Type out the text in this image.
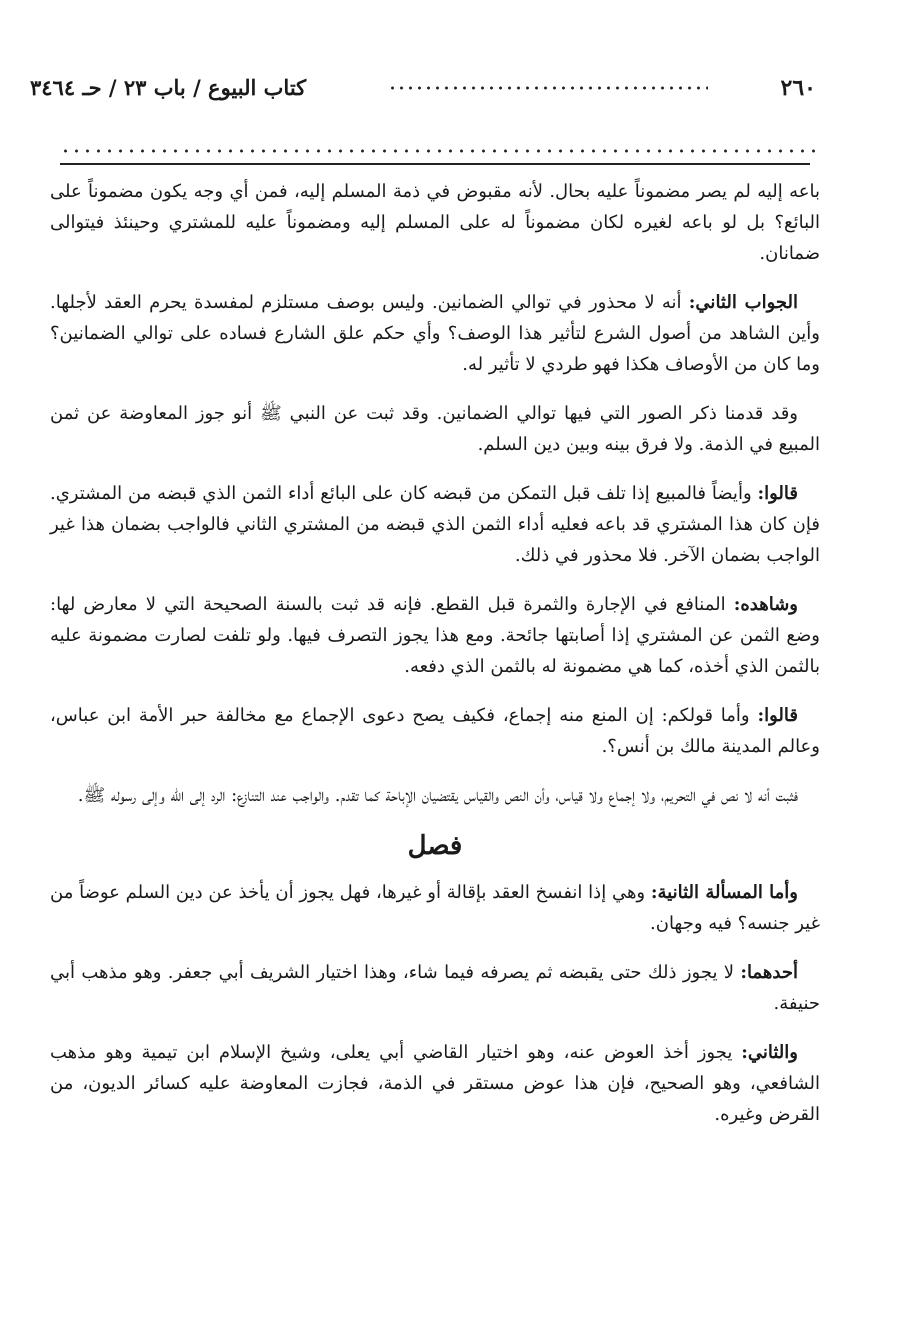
٢٦٠
كتاب البيوع / باب ٢٣ / حـ ٣٤٦٤

باعه إليه لم يصر مضموناً عليه بحال. لأنه مقبوض في ذمة المسلم إليه، فمن أي وجه يكون مضموناً على البائع؟ بل لو باعه لغيره لكان مضموناً له على المسلم إليه ومضموناً عليه للمشتري وحينئذ فيتوالى ضمانان.

الجواب الثاني: أنه لا محذور في توالي الضمانين. وليس بوصف مستلزم لمفسدة يحرم العقد لأجلها. وأين الشاهد من أصول الشرع لتأثير هذا الوصف؟ وأي حكم علق الشارع فساده على توالي الضمانين؟ وما كان من الأوصاف هكذا فهو طردي لا تأثير له.

وقد قدمنا ذكر الصور التي فيها توالي الضمانين. وقد ثبت عن النبي ﷺ أنو جوز المعاوضة عن ثمن المبيع في الذمة. ولا فرق بينه وبين دين السلم.

قالوا: وأيضاً فالمبيع إذا تلف قبل التمكن من قبضه كان على البائع أداء الثمن الذي قبضه من المشتري. فإن كان هذا المشتري قد باعه فعليه أداء الثمن الذي قبضه من المشتري الثاني فالواجب بضمان هذا غير الواجب بضمان الآخر. فلا محذور في ذلك.

وشاهده: المنافع في الإجارة والثمرة قبل القطع. فإنه قد ثبت بالسنة الصحيحة التي لا معارض لها: وضع الثمن عن المشتري إذا أصابتها جائحة. ومع هذا يجوز التصرف فيها. ولو تلفت لصارت مضمونة عليه بالثمن الذي أخذه، كما هي مضمونة له بالثمن الذي دفعه.

قالوا: وأما قولكم: إن المنع منه إجماع، فكيف يصح دعوى الإجماع مع مخالفة حبر الأمة ابن عباس، وعالم المدينة مالك بن أنس؟.

فثبت أنه لا نص في التحريم، ولا إجماع ولا قياس، وأن النص والقياس يقتضيان الإباحة كما تقدم. والواجب عند التنازع: الرد إلى الله وإلى رسوله ﷺ.

فصل

وأما المسألة الثانية: وهي إذا انفسخ العقد بإقالة أو غيرها، فهل يجوز أن يأخذ عن دين السلم عوضاً من غير جنسه؟ فيه وجهان.

أحدهما: لا يجوز ذلك حتى يقبضه ثم يصرفه فيما شاء، وهذا اختيار الشريف أبي جعفر. وهو مذهب أبي حنيفة.

والثاني: يجوز أخذ العوض عنه، وهو اختيار القاضي أبي يعلى، وشيخ الإسلام ابن تيمية وهو مذهب الشافعي، وهو الصحيح، فإن هذا عوض مستقر في الذمة، فجازت المعاوضة عليه كسائر الديون، من القرض وغيره.
